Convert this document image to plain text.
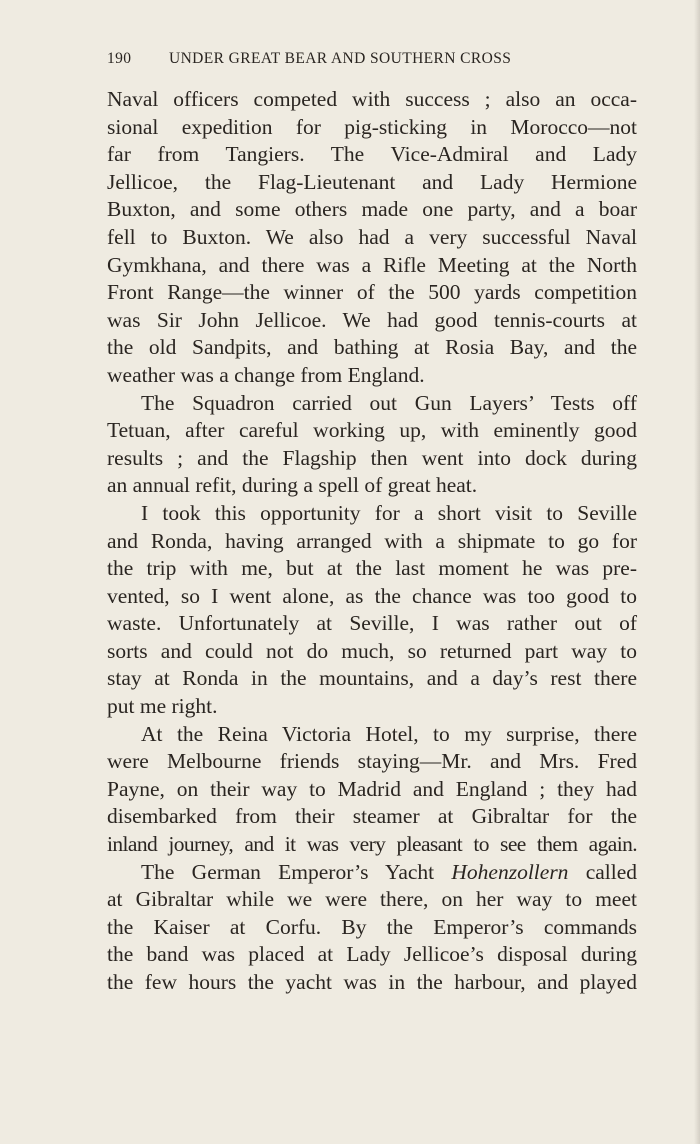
190 UNDER GREAT BEAR AND SOUTHERN CROSS
Naval officers competed with success ; also an occa-
sional expedition for pig-sticking in Morocco—not
far from Tangiers. The Vice-Admiral and Lady
Jellicoe, the Flag-Lieutenant and Lady Hermione
Buxton, and some others made one party, and a boar
fell to Buxton. We also had a very successful Naval
Gymkhana, and there was a Rifle Meeting at the North
Front Range—the winner of the 500 yards competition
was Sir John Jellicoe. We had good tennis-courts at
the old Sandpits, and bathing at Rosia Bay, and the
weather was a change from England.
The Squadron carried out Gun Layers’ Tests off
Tetuan, after careful working up, with eminently good
results ; and the Flagship then went into dock during
an annual refit, during a spell of great heat.
I took this opportunity for a short visit to Seville
and Ronda, having arranged with a shipmate to go for
the trip with me, but at the last moment he was pre-
vented, so I went alone, as the chance was too good to
waste. Unfortunately at Seville, I was rather out of
sorts and could not do much, so returned part way to
stay at Ronda in the mountains, and a day’s rest there
put me right.
At the Reina Victoria Hotel, to my surprise, there
were Melbourne friends staying—Mr. and Mrs. Fred
Payne, on their way to Madrid and England ; they had
disembarked from their steamer at Gibraltar for the
inland journey, and it was very pleasant to see them again.
The German Emperor’s Yacht Hohenzollern called
at Gibraltar while we were there, on her way to meet
the Kaiser at Corfu. By the Emperor’s commands
the band was placed at Lady Jellicoe’s disposal during
the few hours the yacht was in the harbour, and played
